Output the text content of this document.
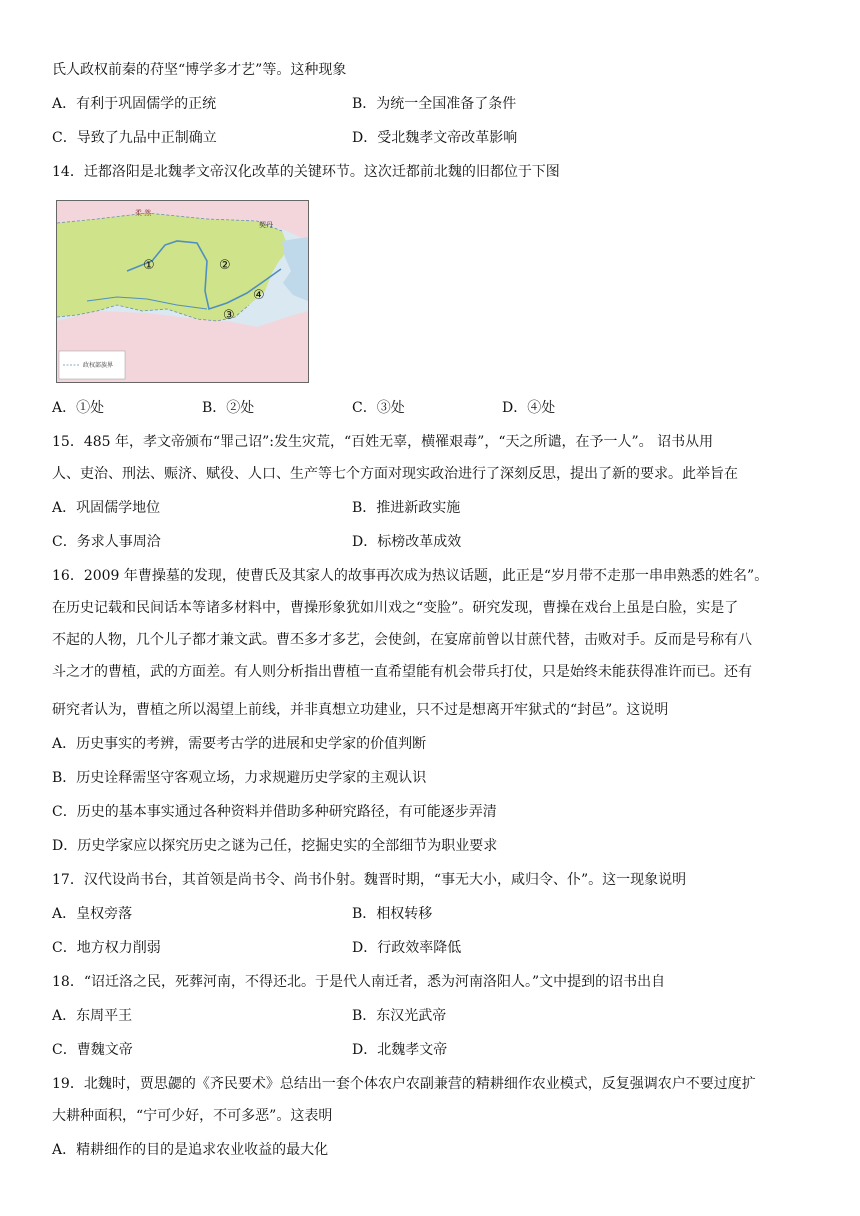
氏人政权前秦的苻坚“博学多才艺”等。这种现象
A．有利于巩固儒学的正统	B．为统一全国准备了条件
C．导致了九品中正制确立	D．受北魏孝文帝改革影响
14．迁都洛阳是北魏孝文帝汉化改革的关键环节。这次迁都前北魏的旧都位于下图
柔 然
契丹
①	②
③
④
政权部族界
A．①处	B．②处	C．③处	D．④处
15．485 年，孝文帝颁布“罪己诏”:发生灾荒，“百姓无辜，横罹艰毒”，“天之所谴，在予一人”。 诏书从用
人、吏治、刑法、赈济、赋役、人口、生产等七个方面对现实政治进行了深刻反思，提出了新的要求。此举旨在
A．巩固儒学地位	B．推进新政实施
C．务求人事周洽	D．标榜改革成效
16．2009 年曹操墓的发现，使曹氏及其家人的故事再次成为热议话题，此正是“岁月带不走那一串串熟悉的姓名”。
在历史记载和民间话本等诸多材料中，曹操形象犹如川戏之“变脸”。研究发现，曹操在戏台上虽是白脸，实是了
不起的人物，几个儿子都才兼文武。曹丕多才多艺，会使剑，在宴席前曾以甘蔗代替，击败对手。反而是号称有八
斗之才的曹植，武的方面差。有人则分析指出曹植一直希望能有机会带兵打仗，只是始终未能获得准许而已。还有
研究者认为，曹植之所以渴望上前线，并非真想立功建业，只不过是想离开牢狱式的“封邑”。这说明
A．历史事实的考辨，需要考古学的进展和史学家的价值判断
B．历史诠释需坚守客观立场，力求规避历史学家的主观认识
C．历史的基本事实通过各种资料并借助多种研究路径，有可能逐步弄清
D．历史学家应以探究历史之谜为己任，挖掘史实的全部细节为职业要求
17．汉代设尚书台，其首领是尚书令、尚书仆射。魏晋时期，“事无大小，咸归令、仆”。这一现象说明
A．皇权旁落	B．相权转移
C．地方权力削弱	D．行政效率降低
18．“诏迁洛之民，死葬河南，不得还北。于是代人南迁者，悉为河南洛阳人。”文中提到的诏书出自
A．东周平王	B．东汉光武帝
C．曹魏文帝	D．北魏孝文帝
19．北魏时，贾思勰的《齐民要术》总结出一套个体农户农副兼营的精耕细作农业模式，反复强调农户不要过度扩
大耕种面积，“宁可少好，不可多恶”。这表明
A．精耕细作的目的是追求农业收益的最大化
